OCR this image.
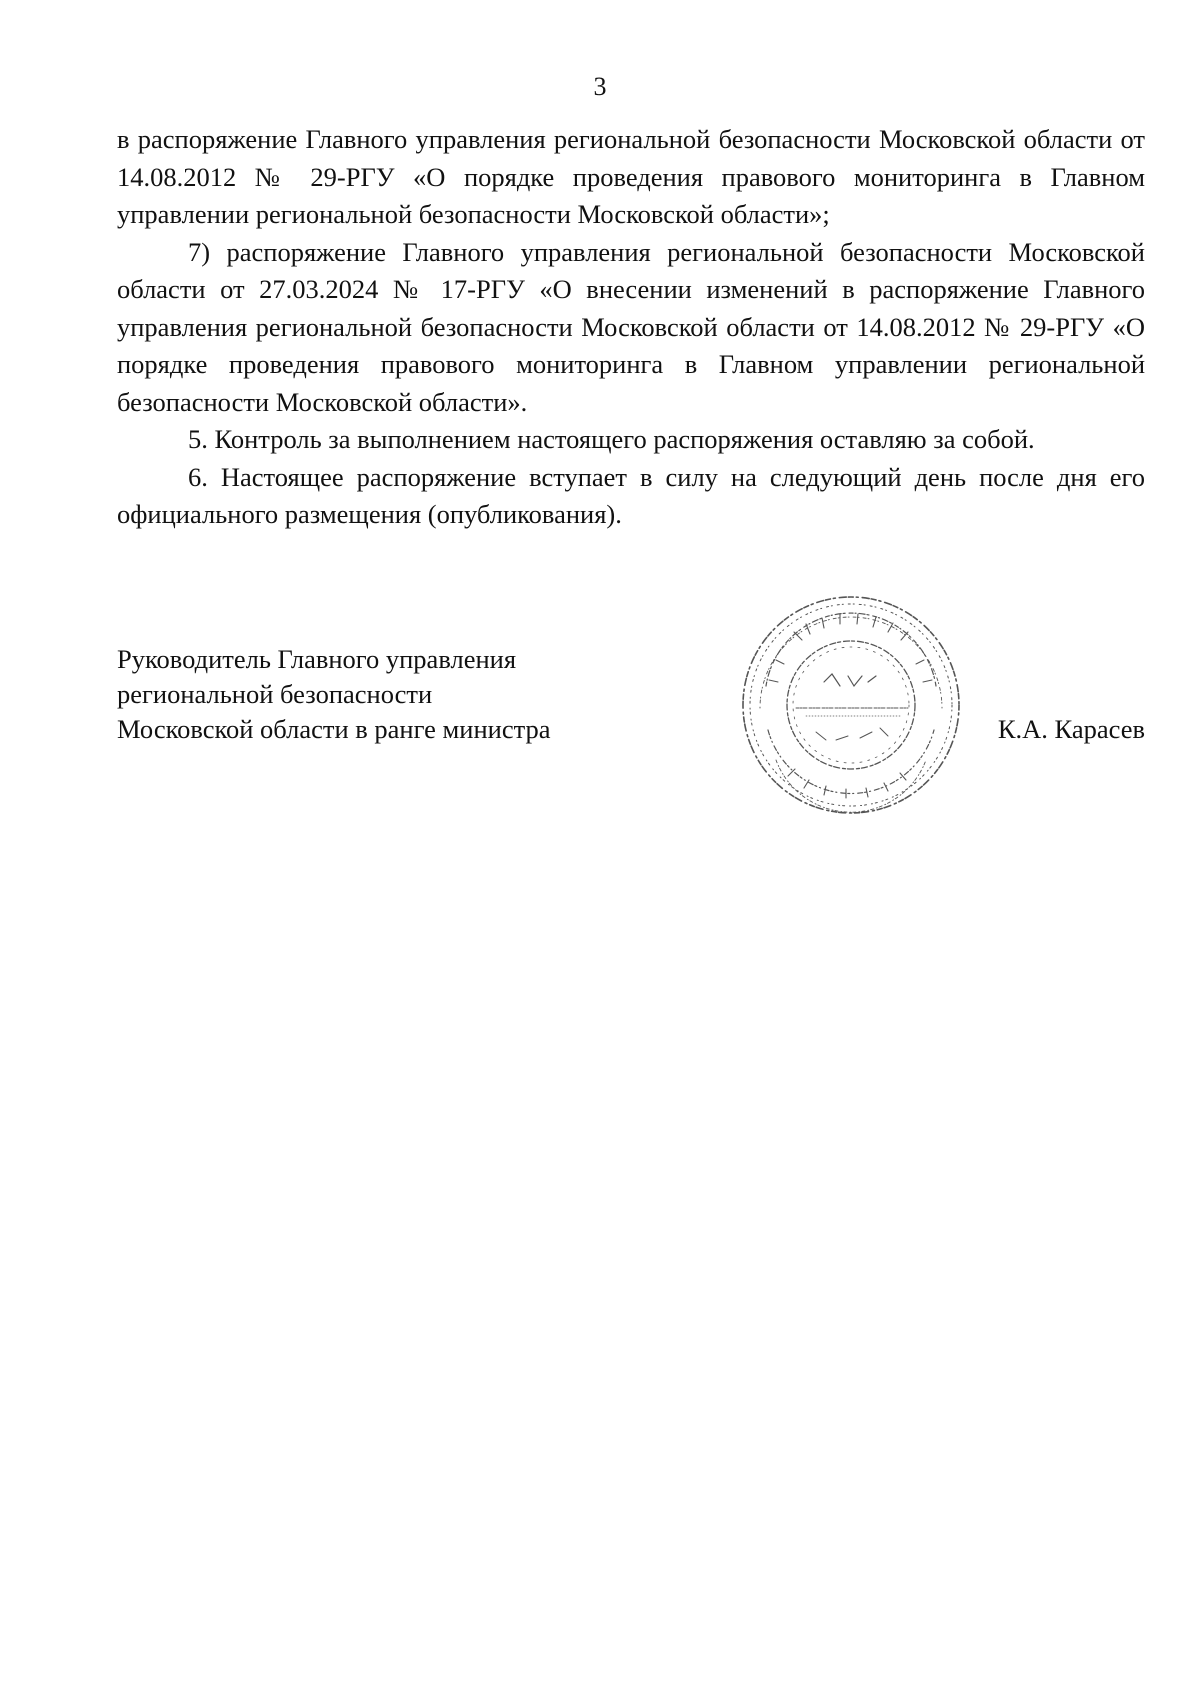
3

в распоряжение Главного управления региональной безопасности Московской области от 14.08.2012 № 29-РГУ «О порядке проведения правового мониторинга в Главном управлении региональной безопасности Московской области»;

7) распоряжение Главного управления региональной безопасности Московской области от 27.03.2024 № 17-РГУ «О внесении изменений в распоряжение Главного управления региональной безопасности Московской области от 14.08.2012 № 29-РГУ «О порядке проведения правового мониторинга в Главном управлении региональной безопасности Московской области».

5. Контроль за выполнением настоящего распоряжения оставляю за собой.

6. Настоящее распоряжение вступает в силу на следующий день после дня его официального размещения (опубликования).

Руководитель Главного управления
региональной безопасности
Московской области в ранге министра	К.А. Карасев
